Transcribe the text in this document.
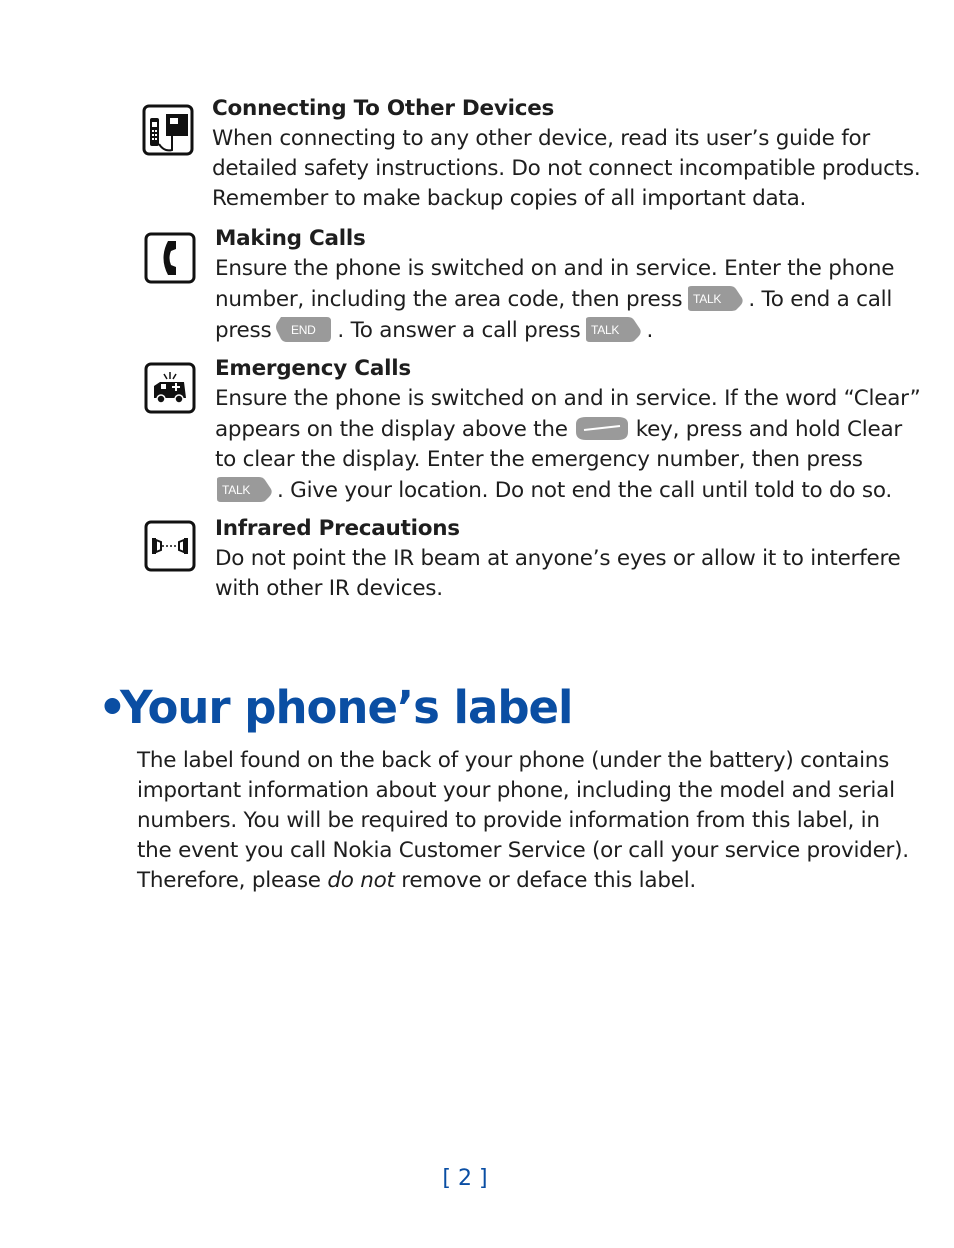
Connecting To Other Devices
When connecting to any other device, read its user’s guide for
detailed safety instructions. Do not connect incompatible products.
Remember to make backup copies of all important data.
Making Calls
Ensure the phone is switched on and in service. Enter the phone
number, including the area code, then press TALK . To end a call
press END . To answer a call press TALK .
Emergency Calls
Ensure the phone is switched on and in service. If the word “Clear”
appears on the display above the	key, press and hold Clear
to clear the display. Enter the emergency number, then press
TALK . Give your location. Do not end the call until told to do so.
Infrared Precautions
Do not point the IR beam at anyone’s eyes or allow it to interfere
with other IR devices.
•Your phone’s label
The label found on the back of your phone (under the battery) contains
important information about your phone, including the model and serial
numbers. You will be required to provide information from this label, in
the event you call Nokia Customer Service (or call your service provider).
Therefore, please do not remove or deface this label.
[ 2 ]
